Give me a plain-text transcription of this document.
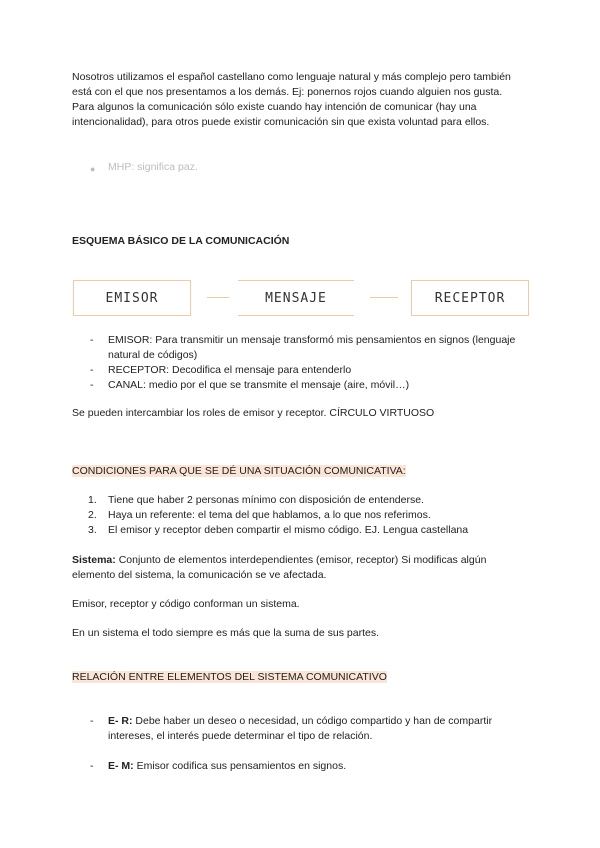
Nosotros utilizamos el español castellano como lenguaje natural y más complejo pero también está con el que nos presentamos a los demás. Ej: ponernos rojos cuando alguien nos gusta. Para algunos la comunicación sólo existe cuando hay intención de comunicar (hay una intencionalidad), para otros puede existir comunicación sin que exista voluntad para ellos.
● MHP: significa paz.
ESQUEMA BÁSICO DE LA COMUNICACIÓN
EMISOR	MENSAJE	RECEPTOR
- EMISOR: Para transmitir un mensaje transformó mis pensamientos en signos (lenguaje natural de códigos)
- RECEPTOR: Decodifica el mensaje para entenderlo
- CANAL: medio por el que se transmite el mensaje (aire, móvil…)
Se pueden intercambiar los roles de emisor y receptor. CÍRCULO VIRTUOSO
CONDICIONES PARA QUE SE DÉ UNA SITUACIÓN COMUNICATIVA:
1. Tiene que haber 2 personas mínimo con disposición de entenderse.
2. Haya un referente: el tema del que hablamos, a lo que nos referimos.
3. El emisor y receptor deben compartir el mismo código. EJ. Lengua castellana
Sistema: Conjunto de elementos interdependientes (emisor, receptor) Si modificas algún elemento del sistema, la comunicación se ve afectada.
Emisor, receptor y código conforman un sistema.
En un sistema el todo siempre es más que la suma de sus partes.
RELACIÓN ENTRE ELEMENTOS DEL SISTEMA COMUNICATIVO
- E- R: Debe haber un deseo o necesidad, un código compartido y han de compartir intereses, el interés puede determinar el tipo de relación.
- E- M: Emisor codifica sus pensamientos en signos.
